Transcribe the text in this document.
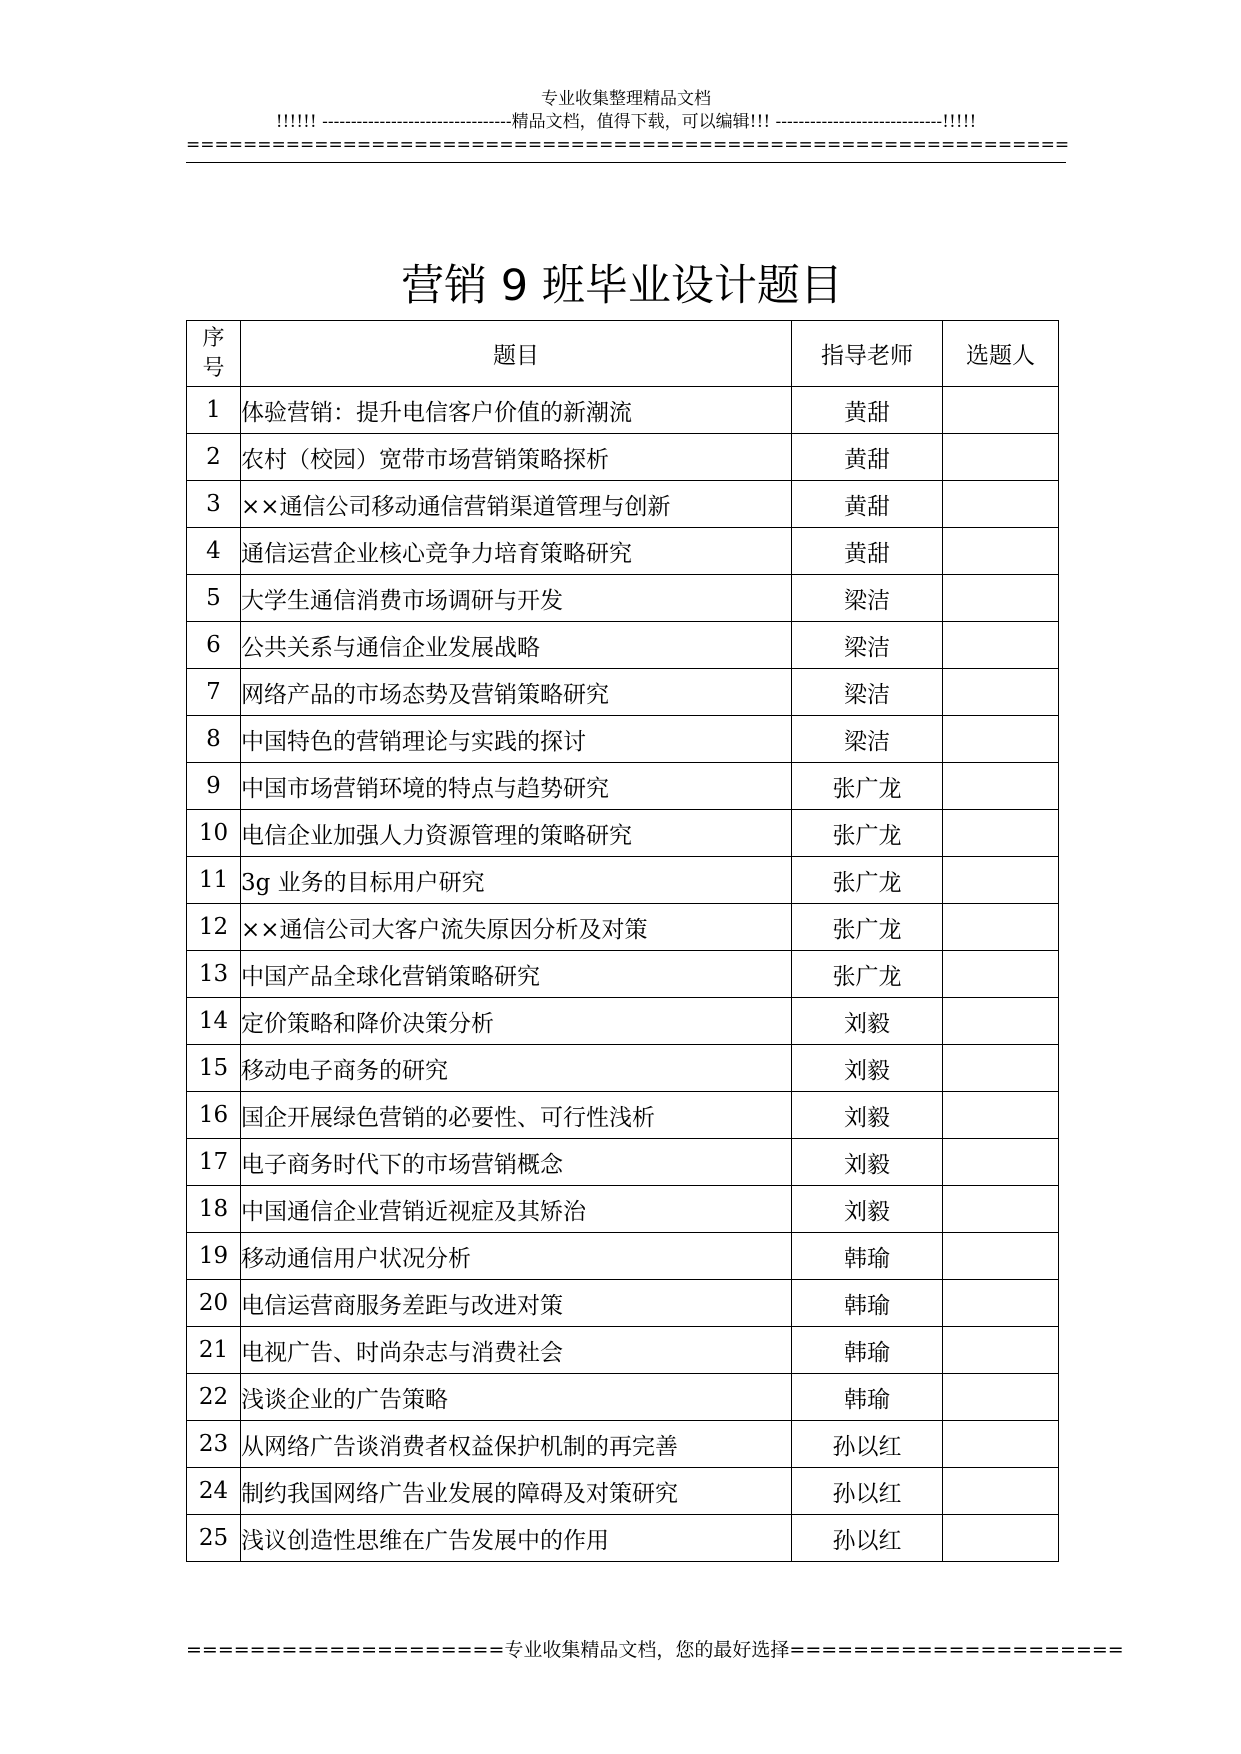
专业收集整理精品文档
!!!!!! ---------------------------------精品文档，值得下载，可以编辑!!! -----------------------------!!!!!
==============================================================
营销 9 班毕业设计题目
序
号	题目	指导老师	选题人
1	体验营销：提升电信客户价值的新潮流	黄甜	
2	农村（校园）宽带市场营销策略探析	黄甜	
3	××通信公司移动通信营销渠道管理与创新	黄甜	
4	通信运营企业核心竞争力培育策略研究	黄甜	
5	大学生通信消费市场调研与开发	梁洁	
6	公共关系与通信企业发展战略	梁洁	
7	网络产品的市场态势及营销策略研究	梁洁	
8	中国特色的营销理论与实践的探讨	梁洁	
9	中国市场营销环境的特点与趋势研究	张广龙	
10	电信企业加强人力资源管理的策略研究	张广龙	
11	3g 业务的目标用户研究	张广龙	
12	××通信公司大客户流失原因分析及对策	张广龙	
13	中国产品全球化营销策略研究	张广龙	
14	定价策略和降价决策分析	刘毅	
15	移动电子商务的研究	刘毅	
16	国企开展绿色营销的必要性、可行性浅析	刘毅	
17	电子商务时代下的市场营销概念	刘毅	
18	中国通信企业营销近视症及其矫治	刘毅	
19	移动通信用户状况分析	韩瑜	
20	电信运营商服务差距与改进对策	韩瑜	
21	电视广告、时尚杂志与消费社会	韩瑜	
22	浅谈企业的广告策略	韩瑜	
23	从网络广告谈消费者权益保护机制的再完善	孙以红	
24	制约我国网络广告业发展的障碍及对策研究	孙以红	
25	浅议创造性思维在广告发展中的作用	孙以红	
====================专业收集精品文档，您的最好选择=====================
